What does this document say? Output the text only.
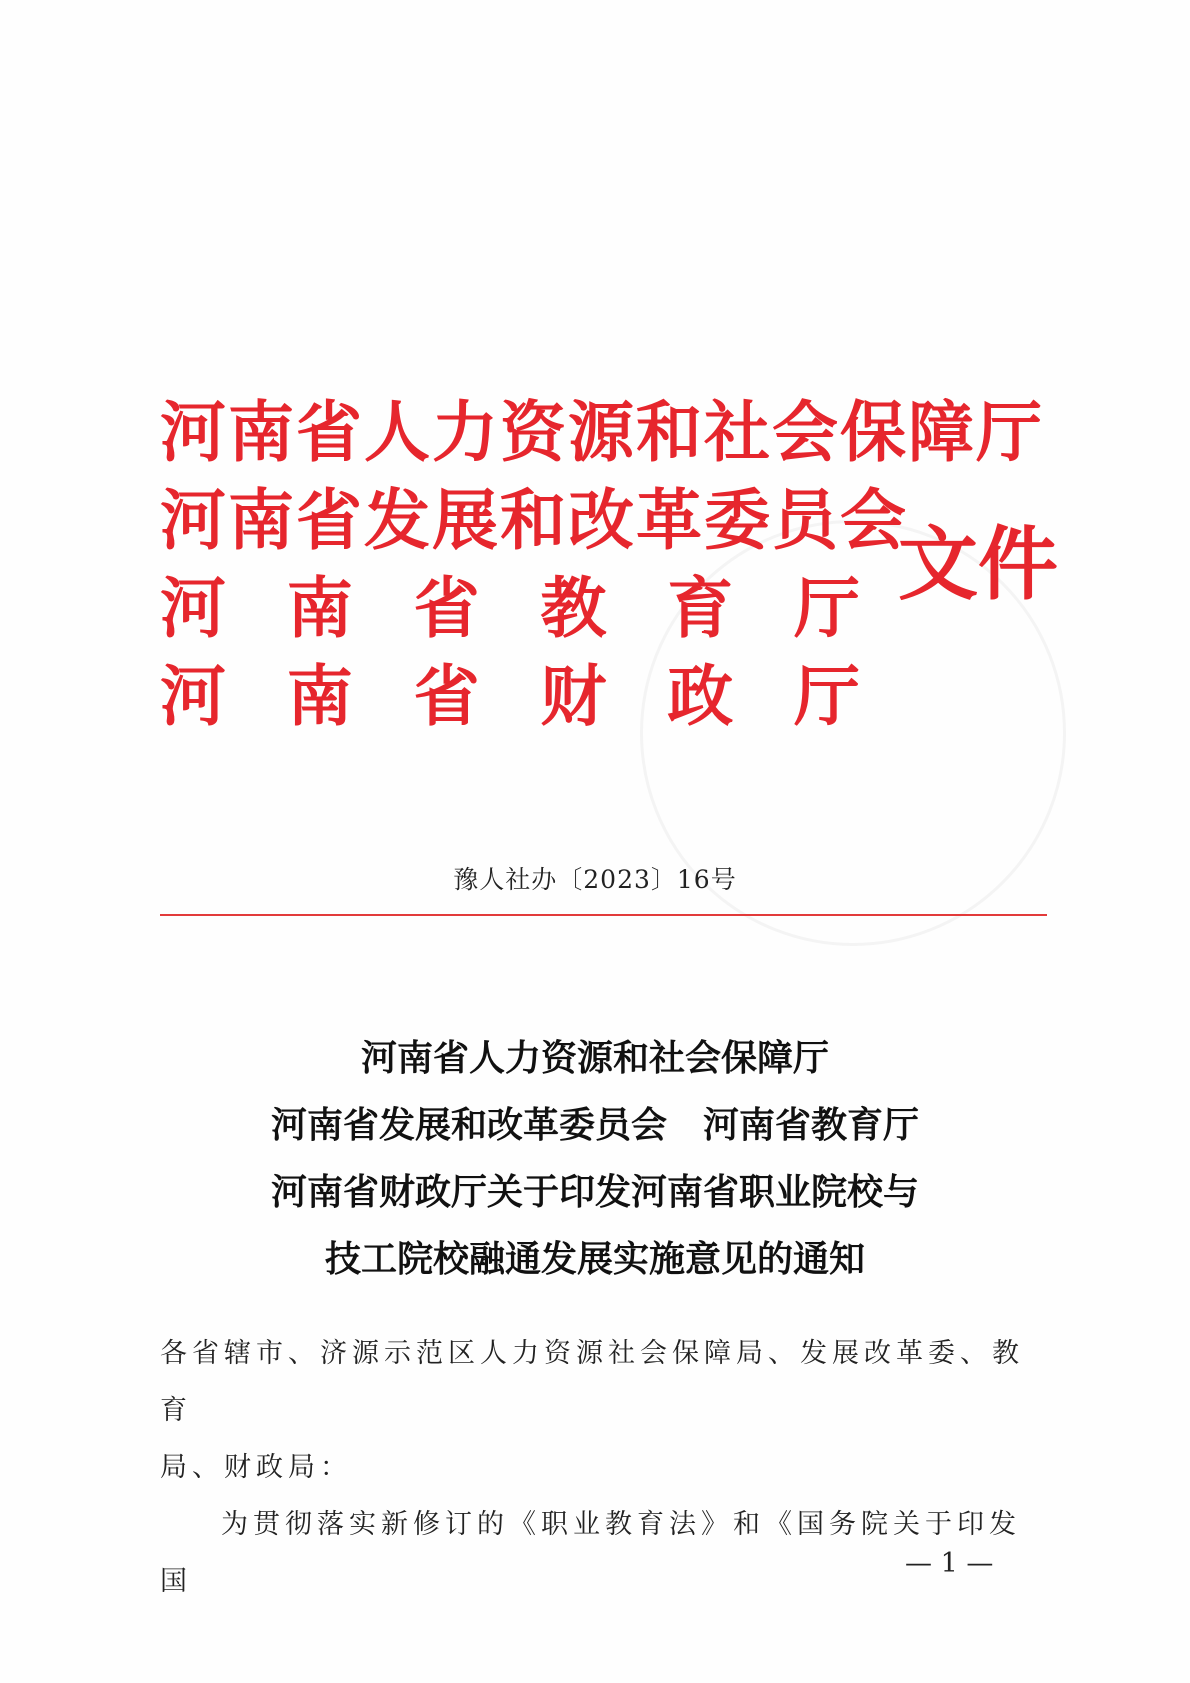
河南省人力资源和社会保障厅
河南省发展和改革委员会
河 南 省 教 育 厅
河 南 省 财 政 厅
文件
豫人社办〔2023〕16号
河南省人力资源和社会保障厅
河南省发展和改革委员会　河南省教育厅
河南省财政厅关于印发河南省职业院校与
技工院校融通发展实施意见的通知

各省辖市、济源示范区人力资源社会保障局、发展改革委、教育

局、财政局：

为贯彻落实新修订的《职业教育法》和《国务院关于印发国

— 1 —
